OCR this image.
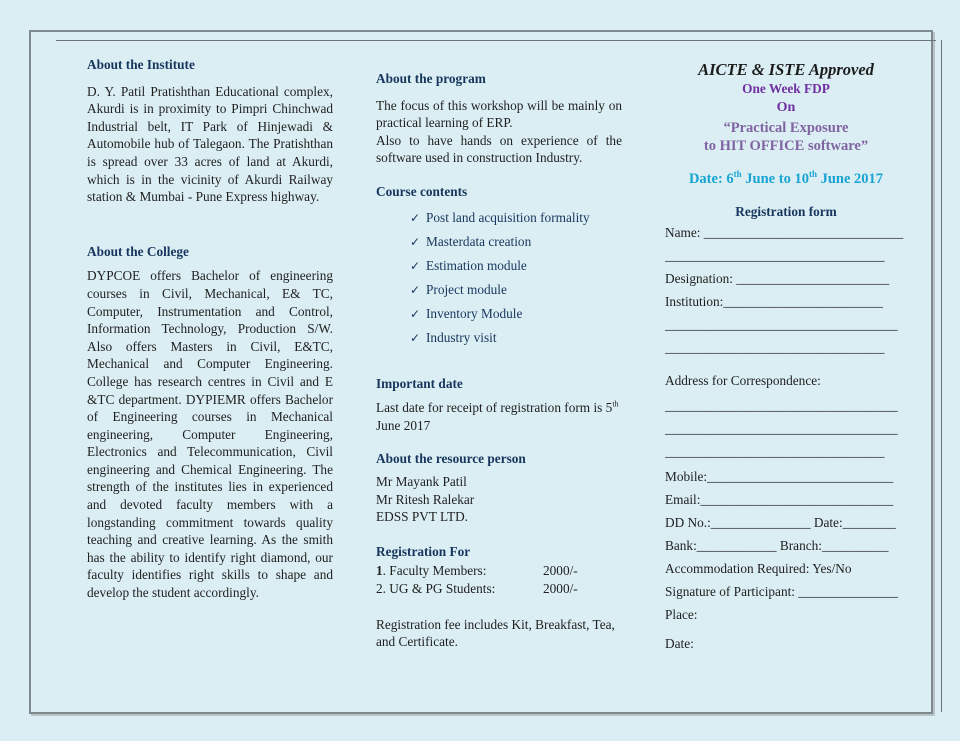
About the Institute

D. Y. Patil Pratishthan Educational complex, Akurdi is in proximity to Pimpri Chinchwad Industrial belt, IT Park of Hinjewadi & Automobile hub of Talegaon. The Pratishthan is spread over 33 acres of land at Akurdi, which is in the vicinity of Akurdi Railway station & Mumbai - Pune Express highway.

About the College

DYPCOE offers Bachelor of engineering courses in Civil, Mechanical, E& TC, Computer, Instrumentation and Control, Information Technology, Production S/W. Also offers Masters in Civil, E&TC, Mechanical and Computer Engineering. College has research centres in Civil and E &TC department. DYPIEMR offers Bachelor of Engineering courses in Mechanical engineering, Computer Engineering, Electronics and Telecommunication, Civil engineering and Chemical Engineering. The strength of the institutes lies in experienced and devoted faculty members with a longstanding commitment towards quality teaching and creative learning. As the smith has the ability to identify right diamond, our faculty identifies right skills to shape and develop the student accordingly.

About the program

The focus of this workshop will be mainly on practical learning of ERP.

Also to have hands on experience of the software used in construction Industry.

Course contents
✓ Post land acquisition formality
✓ Masterdata creation
✓ Estimation module
✓ Project module
✓ Inventory Module
✓ Industry visit
Important date

Last date for receipt of registration form is 5th
June 2017

About the resource person

Mr Mayank Patil
Mr Ritesh Ralekar
EDSS PVT LTD.

Registration For
1. Faculty Members:	2000/-
2. UG & PG Students:	2000/-

Registration fee includes Kit, Breakfast, Tea, and Certificate.

AICTE & ISTE Approved
One Week FDP
On
“Practical Exposure
to HIT OFFICE software”
Date: 6th June to 10th June 2017
Registration form
Name: ______________________________
_________________________________
Designation: _______________________
Institution:________________________
___________________________________
_________________________________
Address for Correspondence:
___________________________________
___________________________________
_________________________________
Mobile:____________________________
Email:_____________________________
DD No.:_______________ Date:________
Bank:____________ Branch:__________
Accommodation Required: Yes/No
Signature of Participant: _______________
Place:
Date:
